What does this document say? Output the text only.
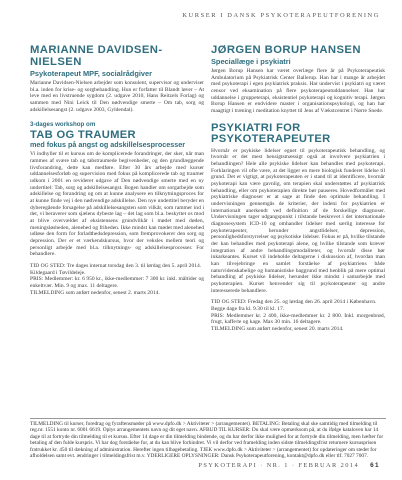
KURSER I DANSK PSYKOTERAPEUTFORENING
MARIANNE DAVIDSEN-NIELSEN
Psykoterapeut MPF, socialrådgiver

Marianne Davidsen-Nielsen arbejder som konsulent, supervisor og underviser bl.a. inden for krise- og sorgbehandling. Hun er forfatter til Blandt løver – At leve med en livstruende sygdom (2. udgave 2010, Hans Reitzels Forlag) og sammen med Nini Leick til Den nødvendige smerte – Om tab, sorg og adskillelsesangst (2. udgave 2003, Gyldendal).

3-dages workshop om
TAB OG TRAUMER
med fokus på angst og adskillelsesprocesser

Vi indhyller til et kursus om de komplicerede forandringer, der sker, når man rammes af svære tab og tabstraumede begivenheder, og den grundlæggende livsforandring, dette kan medføre. Efter 30 års arbejde med kurser uddannelsesforløb og supervision med fokus på komplicerede tab og traumer udkom i 2001 en revideret udgave af Den nødvendige smerte med en ny undertitel: Tab, sorg og adskillelsesangst. Bogen handler om sorgarbejde som adskillelse og forandring og om at kunne analysere en tilknytningsproces for at kunne finde vej i den nødvendige adskillelse. Den nye undertitel beryder en dyberegående forsagelse på adskillelsesangsten som vilkår, som rammer ind i det, vi beraverer som sjælens dybeste lag – det lag som bl.a. beskyttet os mod at blive overvældet af eksistensens grundvilkår i mødet med døden, meningsløsheden, alenehed og friheden. Ikke mindst kan mødet med alenehed udløse den form for forladthedsdepression, som fremprovokerer den sorg og depression. Der er et værkendskursus, hvor der veksles mellem teori og personligt arbejde med bl.a. tilknytnings- og adskillelsesprocesser. For behandlere.

TID OG STED: Tre dages internat torsdag den 3. til lørdag den 5. april 2014. Kildegaard i Tøvildeleje.

PRIS: Medlemmer: kr. 6 950 kr., ikke-medlemmer: 7 300 kr. inkl. måltider og enkeltvær. Min. 9 og max. 11 deltagere.

TILMELDING som anført nedenfor, senest 2. marts 2014.

JØRGEN BORUP HANSEN
Speciallæge i psykiatri

Jørgen Borup Hansen har været overlæge flere år på Psykoterapeutisk Ambulatorium på Psykiatrisk Center Ballerup. Han har i mange år arbejdet med psykoterapi i egen psykiatrisk praksis. Har undervist i psykiatri og været censor ved eksamination på flere psykoterapeutuddannelser. Han har uddannelse i gruppeterapi, eksistentiel psykoterapi og kognitiv terapi. Jørgen Borup Hansen er endvidere master i organisationspsykologi, og han har maagtigt i træning i meditation knyttet til Jens af Vækstcentret i Nørre Snede.

PSYKIATRI FOR PSYKOTERAPEUTER

Hvornår er psykiske lidelser egnet til psykoterapeutisk behandling, og hvornår er det mest hensigtsmæssigt også at involvere psykiatrien i behandlingen? Hele alle psykiske lidelser kan behandles med psykoterapi. Forklaringen vil ofte være, at det ligger en mere biologisk funderet lidelse til grund. Det er vigtigt, at psykoterapeuten er i stand til at identificere, hvornår psykoterapi kan være gavnlig, om terapien skal understøttes af psykiatrisk behandling, eller om psykoterapien direkte bør pauseres. Hovedformålet med psykiatriske diagnoser er at sage at finde den optimale behandling. I undervisningen gennemgås de kriterier, der indeni for psykiatrien er internationalt anerkendt ved definition af de forskellige diagnoser. Undervisningen tager udgangspunkt i tilstande beskrevet i det internationale diagnosesystem ICD-10 og omhandler lidelser med særlig interesse for psykoterapeuter, herunder angstlidelser, depression, personlighedsforstyrrelser og psykotiske lidelser. Fokus er på, hvilke tilstande der kan behandles med psykoterapi alene, og hvilke tilstande som kræver integration af andre behandlingsmodaliteter, og hvornår disse bør inkarkeantes. Kurset vil indeholde deltagerne i diskussion af, hvordan man kan tilvejebringe en samlet forståelse af psykiatriens både naturvidenskabelige og humanistiske baggrund med henblik på mere optimal behandling af psykiske lidelser, herunder ikke mindst i samarbejde med psykoterapien. Kurset henvender sig til psykoterapeuter og andre interesserede behandlere.

TID OG STED: Fredag den 25. og lørdag den 26. april 2014 i København. Begge dage fra kl. 9.30 til kl. 17.

PRIS: Medlemmer kr. 2 400, ikke-medlemmer kr. 2 800. Inkl. morgenbrød, frugt, kaffe/te og kage. Max 30 min. 16 deltagere.

TILMELDING som anført nedenfor, senest 20. marts 2014.

TILMELDING til kurser, foredrag og fyraftensmøder på www.dpfo.dk > Aktiviteter > (arrangementet). BETALING: Betaling skal ske samtidig med tilmelding til reg.nr. 1551 konto nr. 6001 6619. Oplys arrangementets navn og dit eget navn. AFBUD TIL KURSER: Du skal være opmærksom på, at du ifølge kataloven har 14 dage til at fortryde din tilmelding til et kursus. Efter 14 dage er din tilmelding bindende, og du har derfor ikke mulighed for at fortryde din tilmelding, men hæfter for betaling af den fulde kurspris. Vi har dog forståelse for, at du kan blive forhindret. Vi vil derfor ved framelding inden sidste tilmeldingsfrist returnere kursusprisen fratrukket kr. 450 til dækning af administration. Herefter ingen tilbagebetaling. TJEK www.dpfo.dk > Aktiviteter > (arrangementet) for opdateringer om stedet for afholdelsen samt evt. ændringer i tilmeldingsfrist m.v. YDERLIGERE OPLYSNINGER: Dansk Psykoterapeutforening, kontakt@dpfo.dk eller tlf. 7027 7007.

PSYKOTERAPI · NR. 1 · FEBRUAR 2014 61
